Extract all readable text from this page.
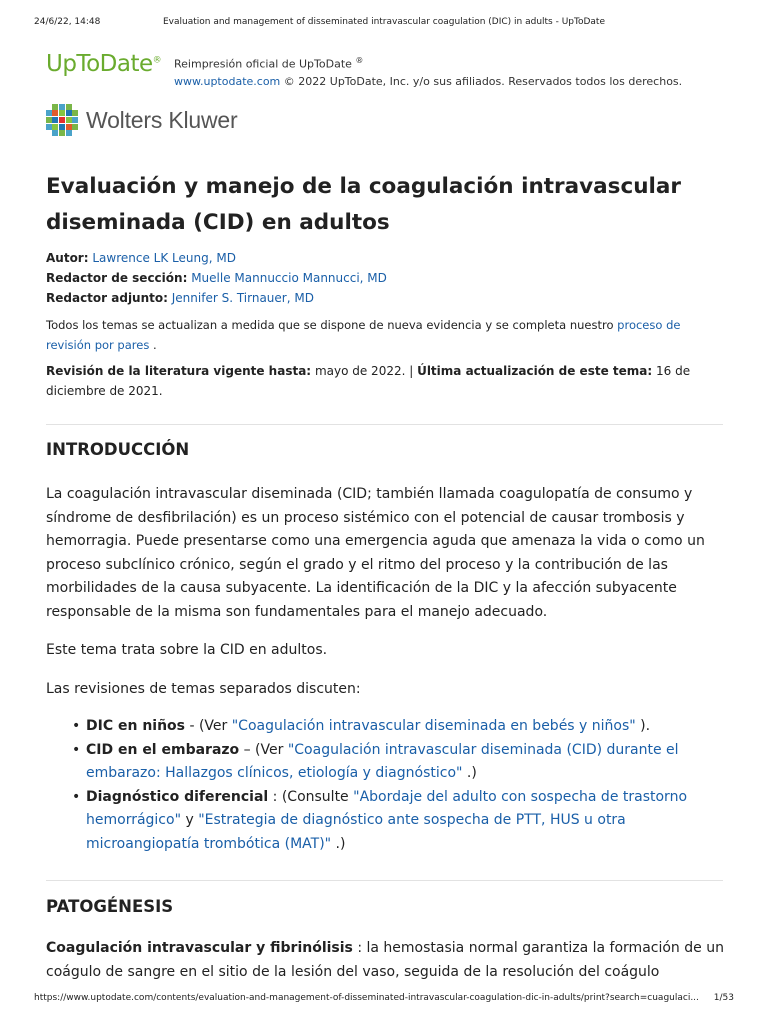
24/6/22, 14:48	Evaluation and management of disseminated intravascular coagulation (DIC) in adults - UpToDate
UpToDate® Reimpresión oficial de UpToDate ®
www.uptodate.com © 2022 UpToDate, Inc. y/o sus afiliados. Reservados todos los derechos.
Wolters Kluwer
Evaluación y manejo de la coagulación intravascular diseminada (CID) en adultos
Autor: Lawrence LK Leung, MD
Redactor de sección: Muelle Mannuccio Mannucci, MD
Redactor adjunto: Jennifer S. Tirnauer, MD
Todos los temas se actualizan a medida que se dispone de nueva evidencia y se completa nuestro proceso de revisión por pares .
Revisión de la literatura vigente hasta: mayo de 2022. | Última actualización de este tema: 16 de diciembre de 2021.
INTRODUCCIÓN

La coagulación intravascular diseminada (CID; también llamada coagulopatía de consumo y síndrome de desfibrilación) es un proceso sistémico con el potencial de causar trombosis y hemorragia. Puede presentarse como una emergencia aguda que amenaza la vida o como un proceso subclínico crónico, según el grado y el ritmo del proceso y la contribución de las morbilidades de la causa subyacente. La identificación de la DIC y la afección subyacente responsable de la misma son fundamentales para el manejo adecuado.

Este tema trata sobre la CID en adultos.

Las revisiones de temas separados discuten:

• DIC en niños - (Ver "Coagulación intravascular diseminada en bebés y niños" ).
• CID en el embarazo – (Ver "Coagulación intravascular diseminada (CID) durante el embarazo: Hallazgos clínicos, etiología y diagnóstico" .)
• Diagnóstico diferencial : (Consulte "Abordaje del adulto con sospecha de trastorno hemorrágico" y "Estrategia de diagnóstico ante sospecha de PTT, HUS u otra microangiopatía trombótica (MAT)" .)
PATOGÉNESIS

Coagulación intravascular y fibrinólisis : la hemostasia normal garantiza la formación de un coágulo de sangre en el sitio de la lesión del vaso, seguida de la resolución del coágulo

https://www.uptodate.com/contents/evaluation-and-management-of-disseminated-intravascular-coagulation-dic-in-adults/print?search=cuagulaci...	1/53
